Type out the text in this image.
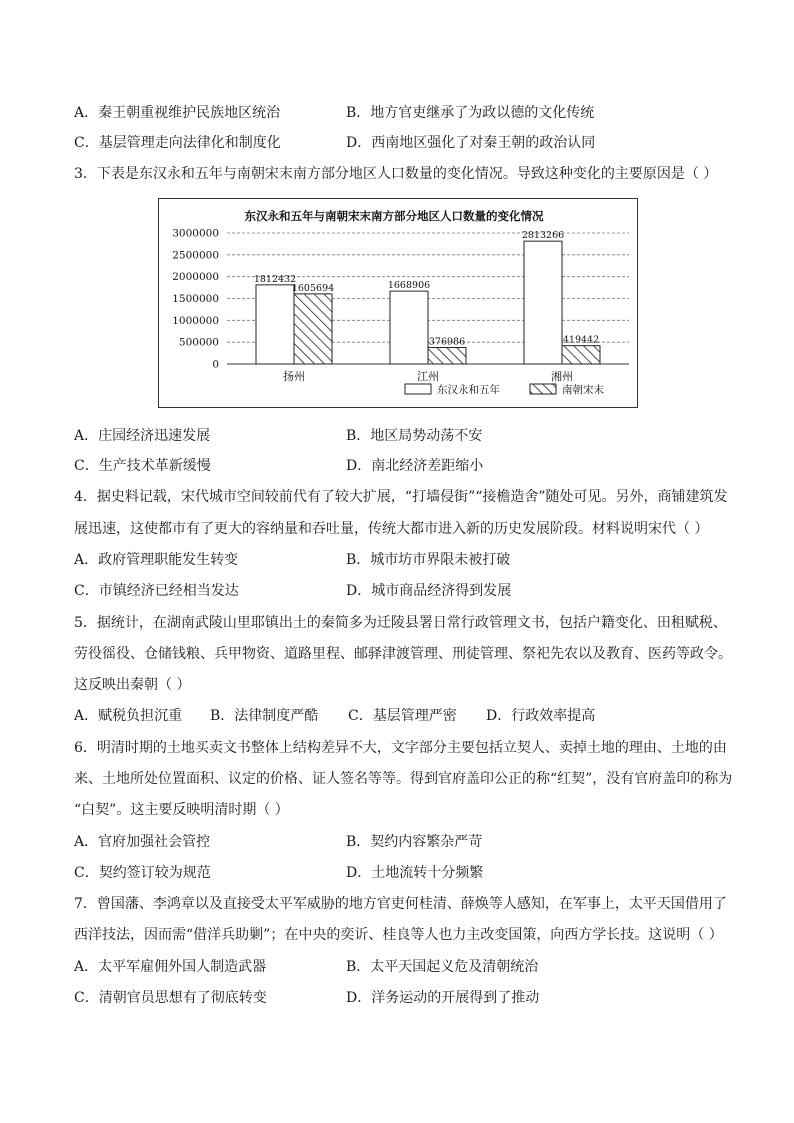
A．秦王朝重视维护民族地区统治	B．地方官吏继承了为政以德的文化传统
C．基层管理走向法律化和制度化	D．西南地区强化了对秦王朝的政治认同
3．下表是东汉永和五年与南朝宋末南方部分地区人口数量的变化情况。导致这种变化的主要原因是（ ）
东汉永和五年与南朝宋末南方部分地区人口数量的变化情况
0
500000
1000000
1500000
2000000
2500000
3000000
1812432
1605694	1668906
376986
2813266
419442
扬州	江州	湘州
东汉永和五年	南朝宋末
A．庄园经济迅速发展	B．地区局势动荡不安
C．生产技术革新缓慢	D．南北经济差距缩小
4．据史料记载，宋代城市空间较前代有了较大扩展，“打墙侵街”“接檐造舍”随处可见。另外，商铺建筑发
展迅速，这使都市有了更大的容纳量和吞吐量，传统大都市进入新的历史发展阶段。材料说明宋代（ ）
A．政府管理职能发生转变	B．城市坊市界限未被打破
C．市镇经济已经相当发达	D．城市商品经济得到发展
5．据统计，在湖南武陵山里耶镇出土的秦简多为迁陵县署日常行政管理文书，包括户籍变化、田租赋税、
劳役徭役、仓储钱粮、兵甲物资、道路里程、邮驿津渡管理、刑徒管理、祭祀先农以及教育、医药等政令。
这反映出秦朝（ ）
A．赋税负担沉重 B．法律制度严酷 C．基层管理严密 D．行政效率提高
6．明清时期的土地买卖文书整体上结构差异不大，文字部分主要包括立契人、卖掉土地的理由、土地的由
来、土地所处位置面积、议定的价格、证人签名等等。得到官府盖印公正的称“红契”，没有官府盖印的称为
“白契”。这主要反映明清时期（ ）
A．官府加强社会管控	B．契约内容繁杂严苛
C．契约签订较为规范	D．土地流转十分频繁
7．曾国藩、李鸿章以及直接受太平军威胁的地方官吏何桂清、薛焕等人感知，在军事上，太平天国借用了
西洋技法，因而需“借洋兵助剿”；在中央的奕䜣、桂良等人也力主改变国策，向西方学长技。这说明（ ）
A．太平军雇佣外国人制造武器	B．太平天国起义危及清朝统治
C．清朝官员思想有了彻底转变	D．洋务运动的开展得到了推动
